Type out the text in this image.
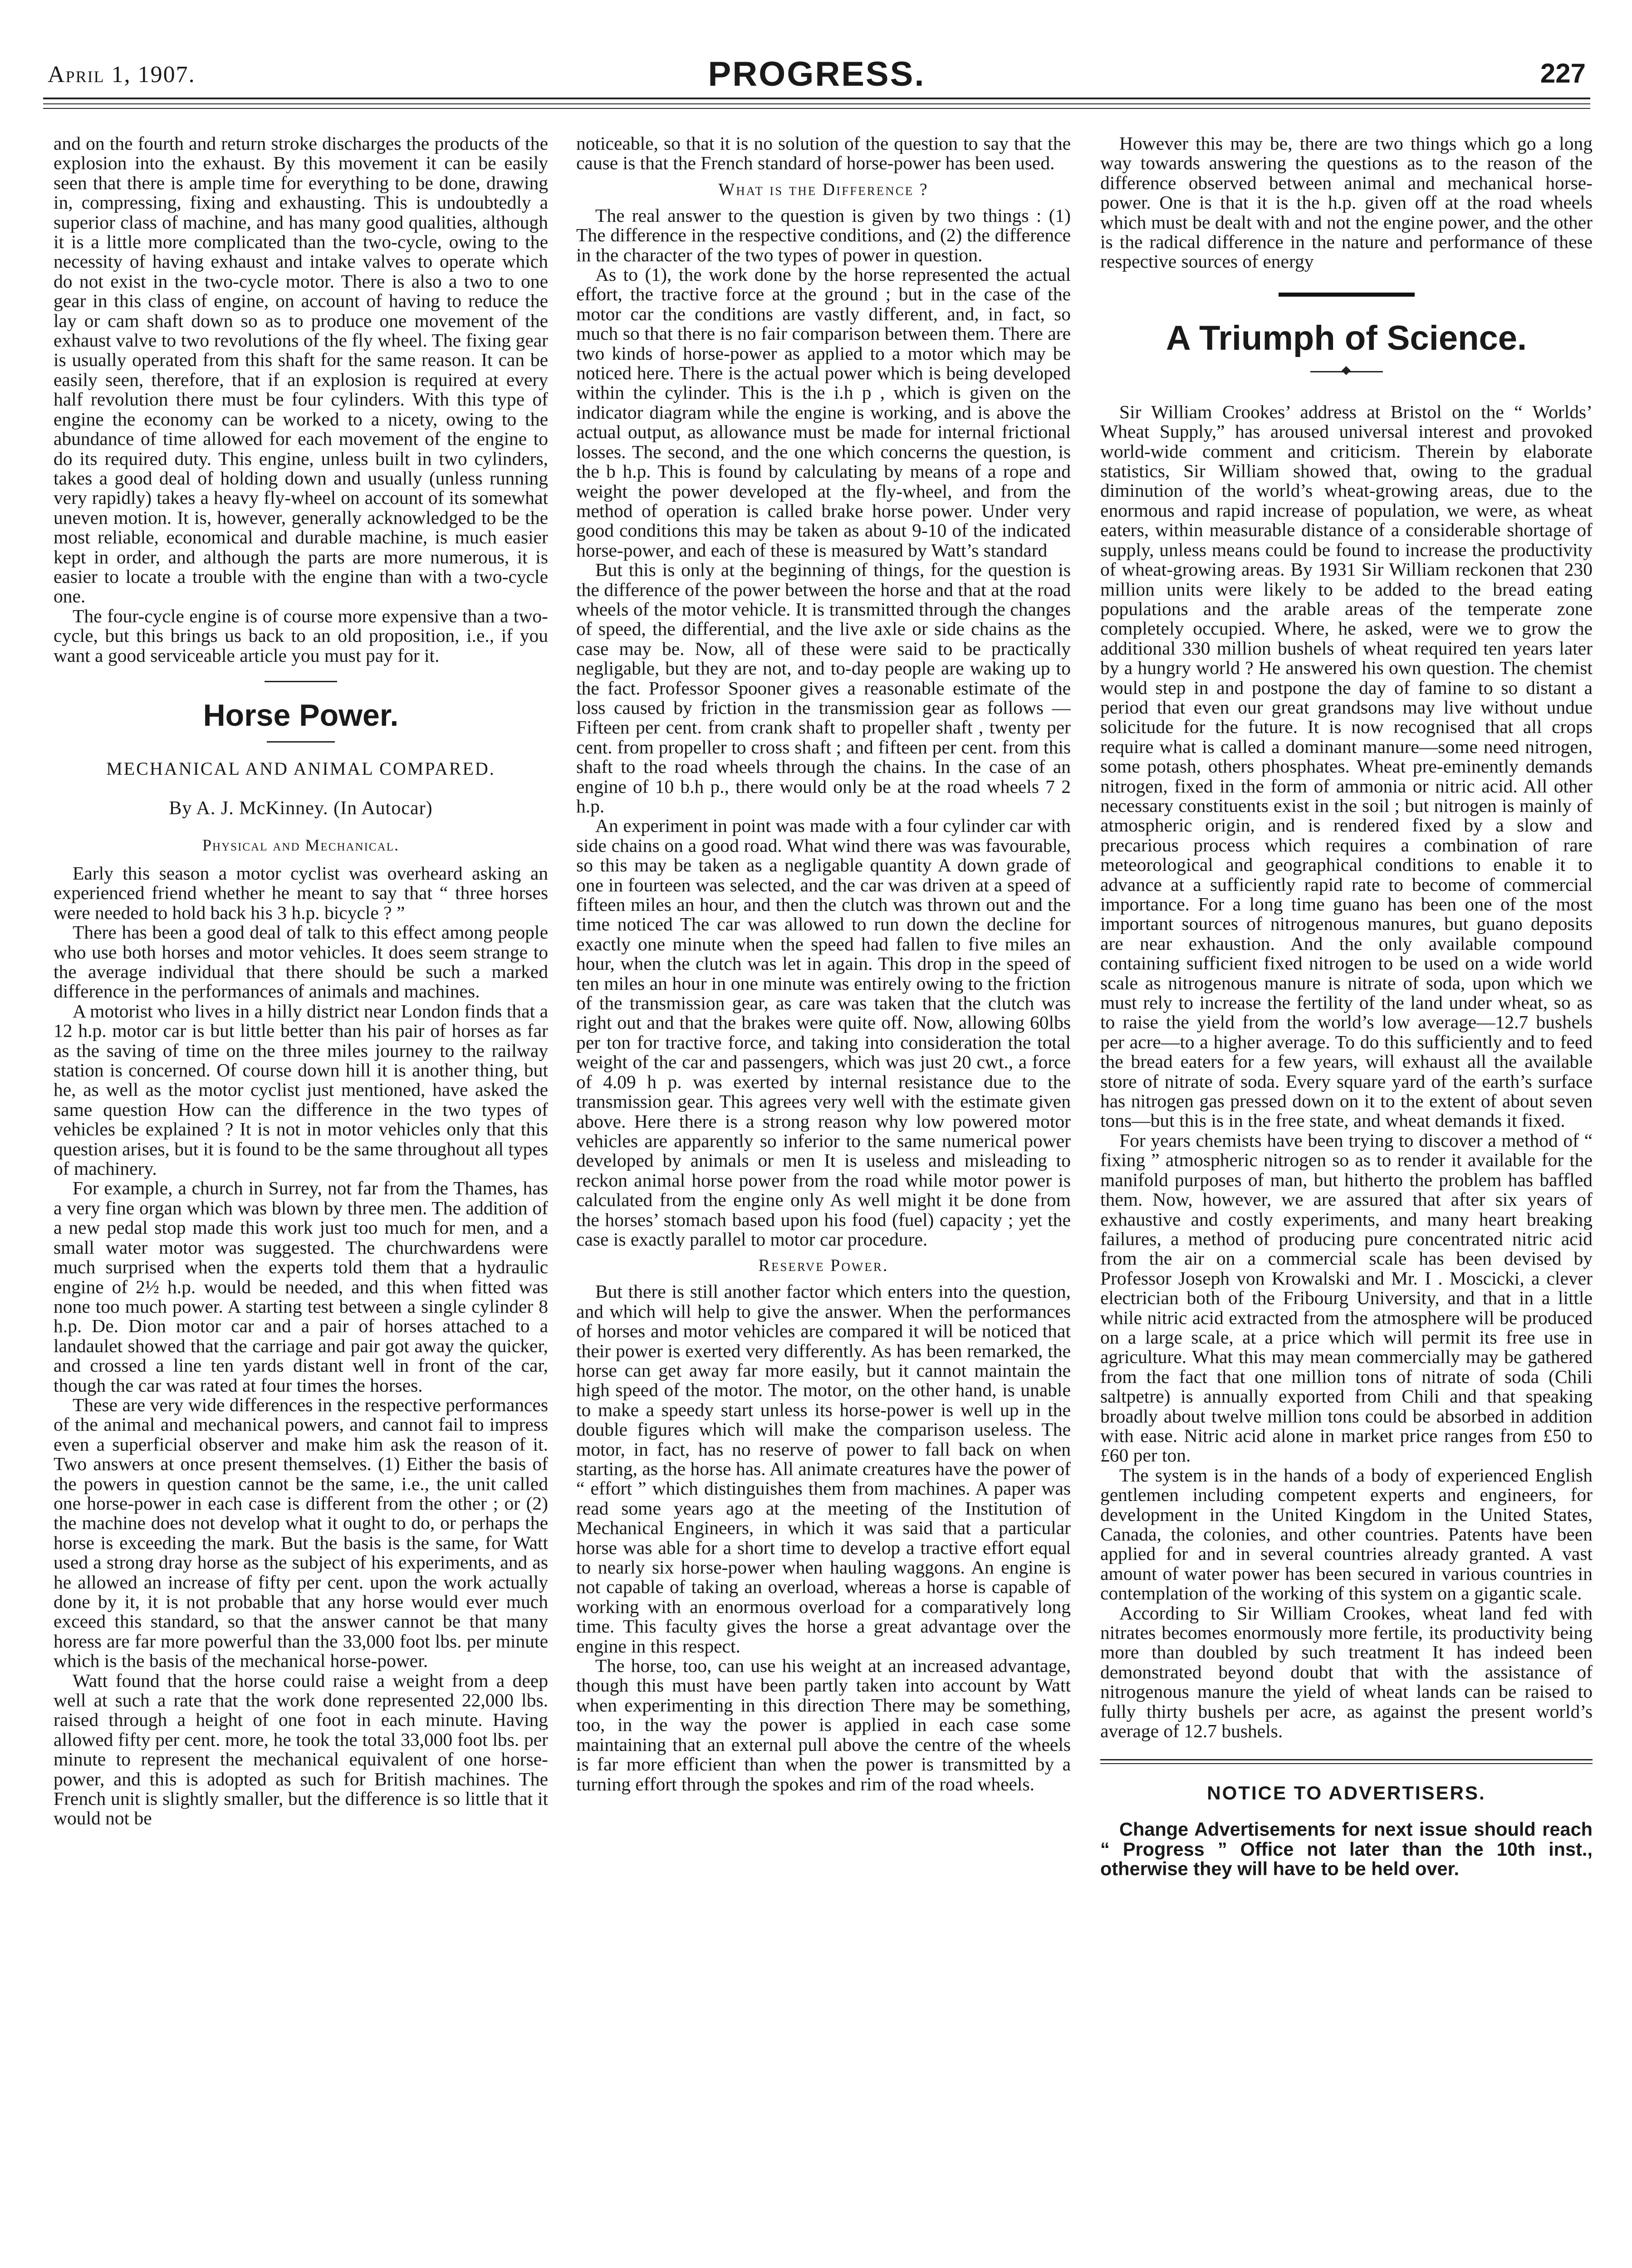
April 1, 1907.	PROGRESS.	227

and on the fourth and return stroke discharges the products of the explosion into the exhaust. By this movement it can be easily seen that there is ample time for everything to be done, drawing in, compressing, fixing and exhausting. This is undoubtedly a superior class of machine, and has many good qualities, although it is a little more complicated than the two-cycle, owing to the necessity of having exhaust and intake valves to operate which do not exist in the two-cycle motor. There is also a two to one gear in this class of engine, on account of having to reduce the lay or cam shaft down so as to produce one movement of the exhaust valve to two revolutions of the fly wheel. The fixing gear is usually operated from this shaft for the same reason. It can be easily seen, therefore, that if an explosion is required at every half revolution there must be four cylinders. With this type of engine the economy can be worked to a nicety, owing to the abundance of time allowed for each movement of the engine to do its required duty. This engine, unless built in two cylinders, takes a good deal of holding down and usually (unless running very rapidly) takes a heavy fly-wheel on account of its somewhat uneven motion. It is, however, generally acknowledged to be the most reliable, economical and durable machine, is much easier kept in order, and although the parts are more numerous, it is easier to locate a trouble with the engine than with a two-cycle one.

The four-cycle engine is of course more expensive than a two-cycle, but this brings us back to an old proposition, i.e., if you want a good serviceable article you must pay for it.

Horse Power.
MECHANICAL AND ANIMAL COMPARED.
By A. J. McKinney. (In Autocar)
Physical and Mechanical.

Early this season a motor cyclist was overheard asking an experienced friend whether he meant to say that “ three horses were needed to hold back his 3 h.p. bicycle ? ”

There has been a good deal of talk to this effect among people who use both horses and motor vehicles. It does seem strange to the average individual that there should be such a marked difference in the performances of animals and machines.

A motorist who lives in a hilly district near London finds that a 12 h.p. motor car is but little better than his pair of horses as far as the saving of time on the three miles journey to the railway station is concerned. Of course down hill it is another thing, but he, as well as the motor cyclist just mentioned, have asked the same question How can the difference in the two types of vehicles be explained ? It is not in motor vehicles only that this question arises, but it is found to be the same throughout all types of machinery.

For example, a church in Surrey, not far from the Thames, has a very fine organ which was blown by three men. The addition of a new pedal stop made this work just too much for men, and a small water motor was suggested. The churchwardens were much surprised when the experts told them that a hydraulic engine of 2½ h.p. would be needed, and this when fitted was none too much power. A starting test between a single cylinder 8 h.p. De. Dion motor car and a pair of horses attached to a landaulet showed that the carriage and pair got away the quicker, and crossed a line ten yards distant well in front of the car, though the car was rated at four times the horses.

These are very wide differences in the respective performances of the animal and mechanical powers, and cannot fail to impress even a superficial observer and make him ask the reason of it. Two answers at once present themselves. (1) Either the basis of the powers in question cannot be the same, i.e., the unit called one horse-power in each case is different from the other ; or (2) the machine does not develop what it ought to do, or perhaps the horse is exceeding the mark. But the basis is the same, for Watt used a strong dray horse as the subject of his experiments, and as he allowed an increase of fifty per cent. upon the work actually done by it, it is not probable that any horse would ever much exceed this standard, so that the answer cannot be that many horess are far more powerful than the 33,000 foot lbs. per minute which is the basis of the mechanical horse-power.

Watt found that the horse could raise a weight from a deep well at such a rate that the work done represented 22,000 lbs. raised through a height of one foot in each minute. Having allowed fifty per cent. more, he took the total 33,000 foot lbs. per minute to represent the mechanical equivalent of one horse-power, and this is adopted as such for British machines. The French unit is slightly smaller, but the difference is so little that it would not be

noticeable, so that it is no solution of the question to say that the cause is that the French standard of horse-power has been used.

What is the Difference ?

The real answer to the question is given by two things : (1) The difference in the respective conditions, and (2) the difference in the character of the two types of power in question.

As to (1), the work done by the horse represented the actual effort, the tractive force at the ground ; but in the case of the motor car the conditions are vastly different, and, in fact, so much so that there is no fair comparison between them. There are two kinds of horse-power as applied to a motor which may be noticed here. There is the actual power which is being developed within the cylinder. This is the i.h p , which is given on the indicator diagram while the engine is working, and is above the actual output, as allowance must be made for internal frictional losses. The second, and the one which concerns the question, is the b h.p. This is found by calculating by means of a rope and weight the power developed at the fly-wheel, and from the method of operation is called brake horse power. Under very good conditions this may be taken as about 9-10 of the indicated horse-power, and each of these is measured by Watt’s standard

But this is only at the beginning of things, for the question is the difference of the power between the horse and that at the road wheels of the motor vehicle. It is transmitted through the changes of speed, the differential, and the live axle or side chains as the case may be. Now, all of these were said to be practically negligable, but they are not, and to-day people are waking up to the fact. Professor Spooner gives a reasonable estimate of the loss caused by friction in the transmission gear as follows — Fifteen per cent. from crank shaft to propeller shaft , twenty per cent. from propeller to cross shaft ; and fifteen per cent. from this shaft to the road wheels through the chains. In the case of an engine of 10 b.h p., there would only be at the road wheels 7 2 h.p.

An experiment in point was made with a four cylinder car with side chains on a good road. What wind there was was favourable, so this may be taken as a negligable quantity A down grade of one in fourteen was selected, and the car was driven at a speed of fifteen miles an hour, and then the clutch was thrown out and the time noticed The car was allowed to run down the decline for exactly one minute when the speed had fallen to five miles an hour, when the clutch was let in again. This drop in the speed of ten miles an hour in one minute was entirely owing to the friction of the transmission gear, as care was taken that the clutch was right out and that the brakes were quite off. Now, allowing 60lbs per ton for tractive force, and taking into consideration the total weight of the car and passengers, which was just 20 cwt., a force of 4.09 h p. was exerted by internal resistance due to the transmission gear. This agrees very well with the estimate given above. Here there is a strong reason why low powered motor vehicles are apparently so inferior to the same numerical power developed by animals or men It is useless and misleading to reckon animal horse power from the road while motor power is calculated from the engine only As well might it be done from the horses’ stomach based upon his food (fuel) capacity ; yet the case is exactly parallel to motor car procedure.

Reserve Power.

But there is still another factor which enters into the question, and which will help to give the answer. When the performances of horses and motor vehicles are compared it will be noticed that their power is exerted very differently. As has been remarked, the horse can get away far more easily, but it cannot maintain the high speed of the motor. The motor, on the other hand, is unable to make a speedy start unless its horse-power is well up in the double figures which will make the comparison useless. The motor, in fact, has no reserve of power to fall back on when starting, as the horse has. All animate creatures have the power of “ effort ” which distinguishes them from machines. A paper was read some years ago at the meeting of the Institution of Mechanical Engineers, in which it was said that a particular horse was able for a short time to develop a tractive effort equal to nearly six horse-power when hauling waggons. An engine is not capable of taking an overload, whereas a horse is capable of working with an enormous overload for a comparatively long time. This faculty gives the horse a great advantage over the engine in this respect.

The horse, too, can use his weight at an increased advantage, though this must have been partly taken into account by Watt when experimenting in this direction There may be something, too, in the way the power is applied in each case some maintaining that an external pull above the centre of the wheels is far more efficient than when the power is transmitted by a turning effort through the spokes and rim of the road wheels.

However this may be, there are two things which go a long way towards answering the questions as to the reason of the difference observed between animal and mechanical horse-power. One is that it is the h.p. given off at the road wheels which must be dealt with and not the engine power, and the other is the radical difference in the nature and performance of these respective sources of energy

A Triumph of Science.

Sir William Crookes’ address at Bristol on the “ Worlds’ Wheat Supply,” has aroused universal interest and provoked world-wide comment and criticism. Therein by elaborate statistics, Sir William showed that, owing to the gradual diminution of the world’s wheat-growing areas, due to the enormous and rapid increase of population, we were, as wheat eaters, within measurable distance of a considerable shortage of supply, unless means could be found to increase the productivity of wheat-growing areas. By 1931 Sir William reckonen that 230 million units were likely to be added to the bread eating populations and the arable areas of the temperate zone completely occupied. Where, he asked, were we to grow the additional 330 million bushels of wheat required ten years later by a hungry world ? He answered his own question. The chemist would step in and postpone the day of famine to so distant a period that even our great grandsons may live without undue solicitude for the future. It is now recognised that all crops require what is called a dominant manure—some need nitrogen, some potash, others phosphates. Wheat pre-eminently demands nitrogen, fixed in the form of ammonia or nitric acid. All other necessary constituents exist in the soil ; but nitrogen is mainly of atmospheric origin, and is rendered fixed by a slow and precarious process which requires a combination of rare meteorological and geographical conditions to enable it to advance at a sufficiently rapid rate to become of commercial importance. For a long time guano has been one of the most important sources of nitrogenous manures, but guano deposits are near exhaustion. And the only available compound containing sufficient fixed nitrogen to be used on a wide world scale as nitrogenous manure is nitrate of soda, upon which we must rely to increase the fertility of the land under wheat, so as to raise the yield from the world’s low average—12.7 bushels per acre—to a higher average. To do this sufficiently and to feed the bread eaters for a few years, will exhaust all the available store of nitrate of soda. Every square yard of the earth’s surface has nitrogen gas pressed down on it to the extent of about seven tons—but this is in the free state, and wheat demands it fixed.

For years chemists have been trying to discover a method of “ fixing ” atmospheric nitrogen so as to render it available for the manifold purposes of man, but hitherto the problem has baffled them. Now, however, we are assured that after six years of exhaustive and costly experiments, and many heart breaking failures, a method of producing pure concentrated nitric acid from the air on a commercial scale has been devised by Professor Joseph von Krowalski and Mr. I . Moscicki, a clever electrician both of the Fribourg University, and that in a little while nitric acid extracted from the atmosphere will be produced on a large scale, at a price which will permit its free use in agriculture. What this may mean commercially may be gathered from the fact that one million tons of nitrate of soda (Chili saltpetre) is annually exported from Chili and that speaking broadly about twelve million tons could be absorbed in addition with ease. Nitric acid alone in market price ranges from £50 to £60 per ton.

The system is in the hands of a body of experienced English gentlemen including competent experts and engineers, for development in the United Kingdom in the United States, Canada, the colonies, and other countries. Patents have been applied for and in several countries already granted. A vast amount of water power has been secured in various countries in contemplation of the working of this system on a gigantic scale.

According to Sir William Crookes, wheat land fed with nitrates becomes enormously more fertile, its productivity being more than doubled by such treatment It has indeed been demonstrated beyond doubt that with the assistance of nitrogenous manure the yield of wheat lands can be raised to fully thirty bushels per acre, as against the present world’s average of 12.7 bushels.

NOTICE TO ADVERTISERS.

Change Advertisements for next issue should reach “ Progress ” Office not later than the 10th inst., otherwise they will have to be held over.
